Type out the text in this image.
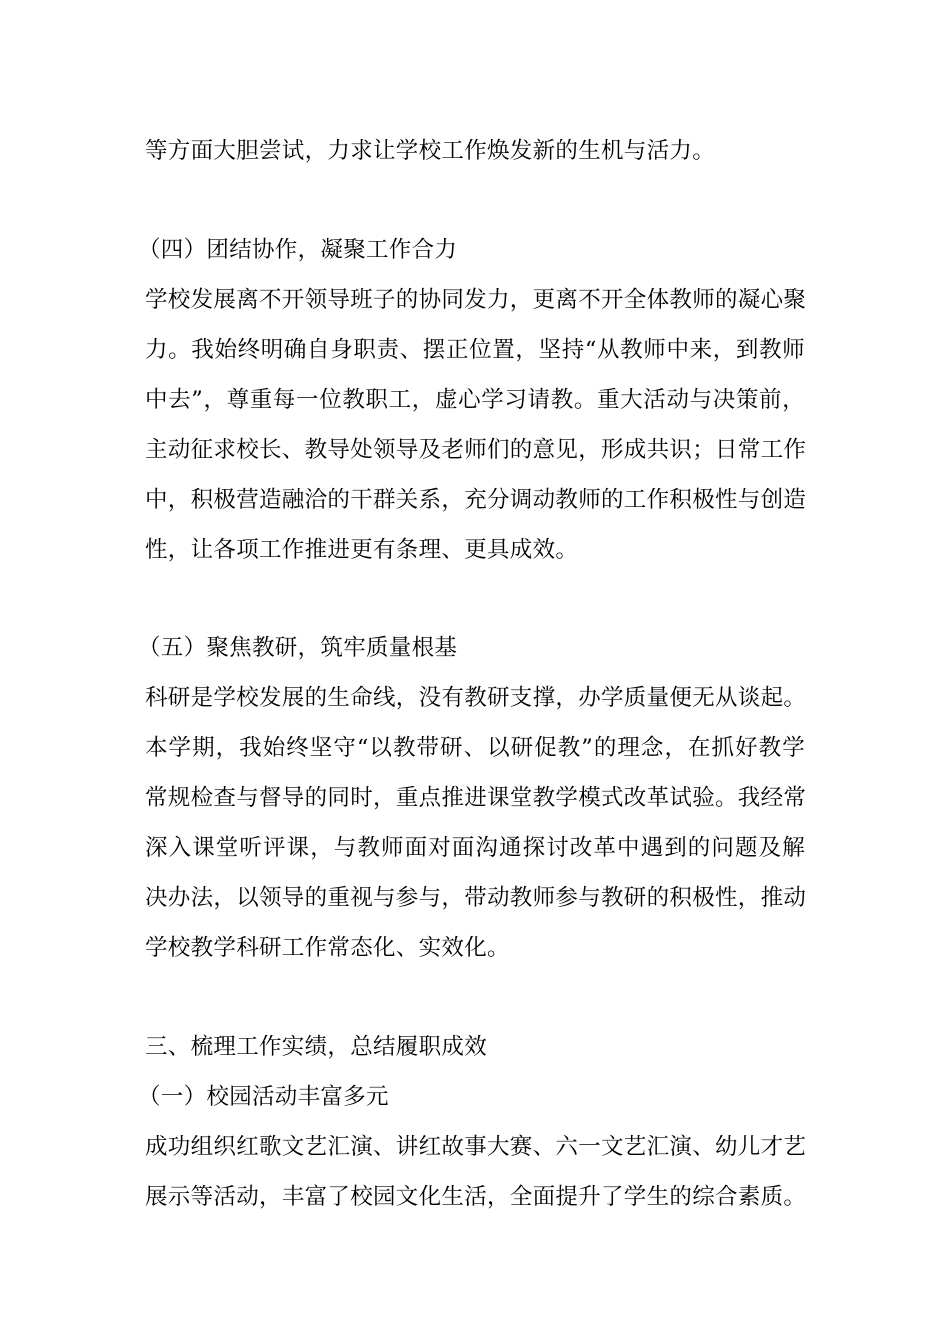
等方面大胆尝试，力求让学校工作焕发新的生机与活力。
（四）团结协作，凝聚工作合力
学校发展离不开领导班子的协同发力，更离不开全体教师的凝心聚
力。我始终明确自身职责、摆正位置，坚持“从教师中来，到教师
中去”，尊重每一位教职工，虚心学习请教。重大活动与决策前，
主动征求校长、教导处领导及老师们的意见，形成共识；日常工作
中，积极营造融洽的干群关系，充分调动教师的工作积极性与创造
性，让各项工作推进更有条理、更具成效。
（五）聚焦教研，筑牢质量根基
科研是学校发展的生命线，没有教研支撑，办学质量便无从谈起。
本学期，我始终坚守“以教带研、以研促教”的理念，在抓好教学
常规检查与督导的同时，重点推进课堂教学模式改革试验。我经常
深入课堂听评课，与教师面对面沟通探讨改革中遇到的问题及解
决办法，以领导的重视与参与，带动教师参与教研的积极性，推动
学校教学科研工作常态化、实效化。
三、梳理工作实绩，总结履职成效
（一）校园活动丰富多元
成功组织红歌文艺汇演、讲红故事大赛、六一文艺汇演、幼儿才艺
展示等活动，丰富了校园文化生活，全面提升了学生的综合素质。
